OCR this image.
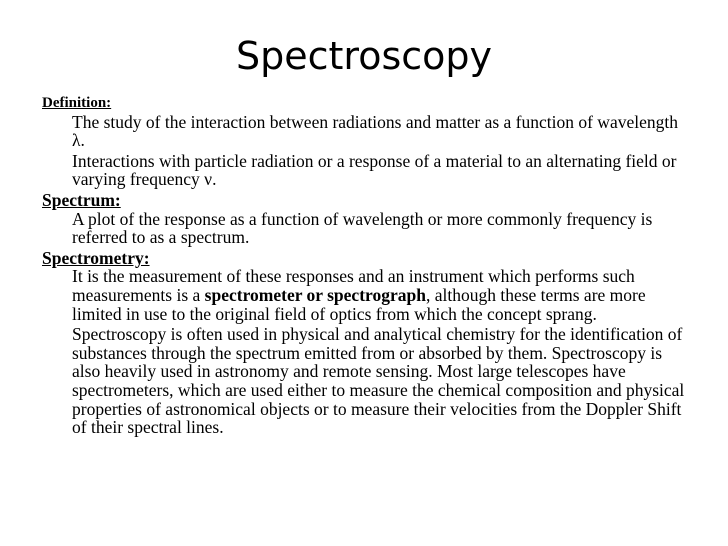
Spectroscopy

Definition:

The study of the interaction between radiations and matter as a function of wavelength λ.

Interactions with particle radiation or a response of a material to an alternating field or varying frequency ν.

Spectrum:

A plot of the response as a function of wavelength or more commonly frequency is referred to as a spectrum.

Spectrometry:

It is the measurement of these responses and an instrument which performs such measurements is a spectrometer or spectrograph, although these terms are more limited in use to the original field of optics from which the concept sprang.

Spectroscopy is often used in physical and analytical chemistry for the identification of substances through the spectrum emitted from or absorbed by them. Spectroscopy is also heavily used in astronomy and remote sensing. Most large telescopes have spectrometers, which are used either to measure the chemical composition and physical properties of astronomical objects or to measure their velocities from the Doppler Shift of their spectral lines.
